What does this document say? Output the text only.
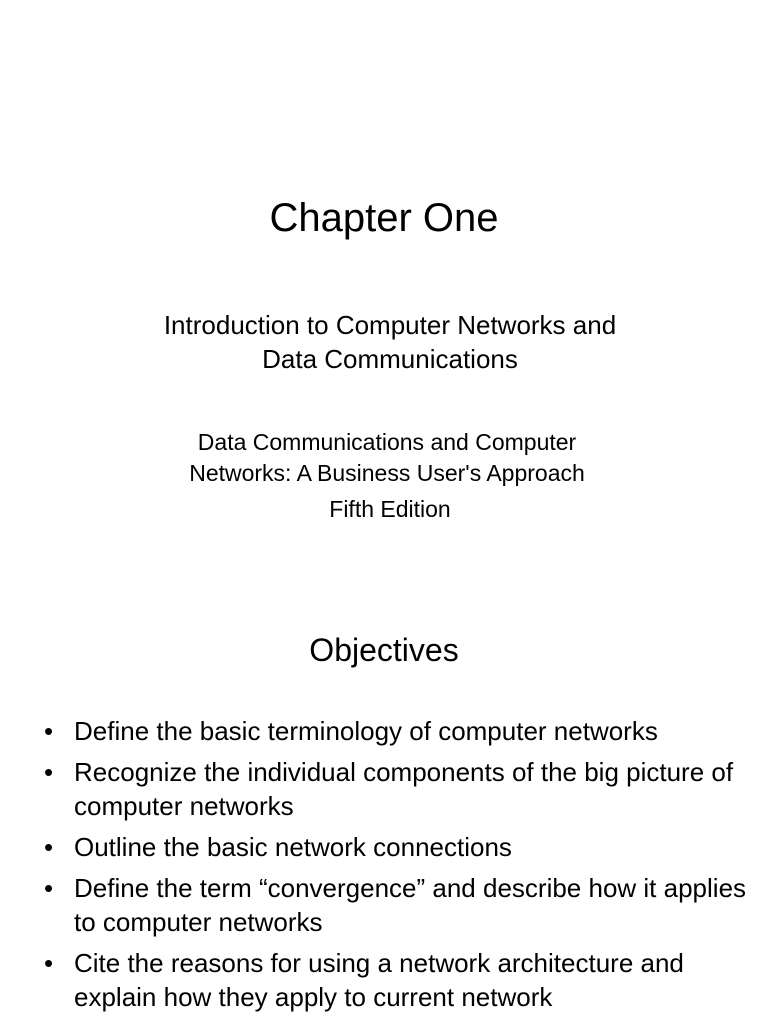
Chapter One

Introduction to Computer Networks and
Data Communications

Data Communications and Computer
Networks: A Business User's Approach

Fifth Edition

Objectives
• Define the basic terminology of computer networks
• Recognize the individual components of the big picture of computer networks
• Outline the basic network connections
• Define the term “convergence” and describe how it applies to computer networks
• Cite the reasons for using a network architecture and explain how they apply to current network
